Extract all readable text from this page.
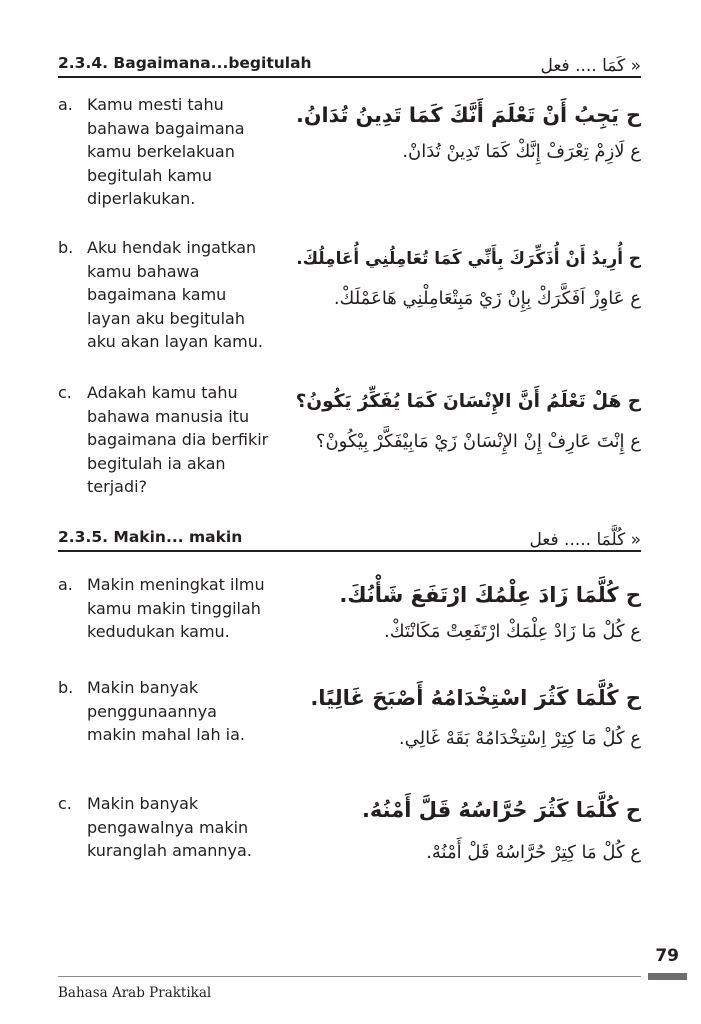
2.3.4. Bagaimana...begitulah	« كَمَا .... فعل
a. Kamu mesti tahu
bahawa bagaimana
kamu berkelakuan
begitulah kamu
diperlakukan.
ح يَجِبُ أَنْ تَعْلَمَ أَنَّكَ كَمَا تَدِينُ تُدَانُ.
ع لَازِمْ تِعْرَفْ إِنَّكْ كَمَا تَدِينْ تُدَانْ.
b. Aku hendak ingatkan
kamu bahawa
bagaimana kamu
layan aku begitulah
aku akan layan kamu.
ح أُرِيدُ أَنْ أُذَكِّرَكَ بِأَنِّي كَمَا تُعَامِلُنِي أُعَامِلُكَ.
ع عَاوِزْ اَفَكَّرَكْ بِإِنْ زَيْ مَبِتْعَامِلْنِي هَاعَمْلَكْ.
c. Adakah kamu tahu
bahawa manusia itu
bagaimana dia berfikir
begitulah ia akan
terjadi?
ح هَلْ تَعْلَمُ أَنَّ الإِنْسَانَ كَمَا يُفَكِّرُ يَكُونُ؟
ع إِنْتَ عَارِفْ إِنْ الإِنْسَانْ زَيْ مَابِيْفَكَّرْ بِيْكُونْ؟
2.3.5. Makin... makin	« كُلَّمَا ..... فعل
a. Makin meningkat ilmu
kamu makin tinggilah
kedudukan kamu.
ح كُلَّمَا زَادَ عِلْمُكَ ارْتَفَعَ شَأْنُكَ.
ع كُلْ مَا زَادْ عِلْمَكْ ارْتَفَعِتْ مَكَانْتَكْ.
b. Makin banyak
penggunaannya
makin mahal lah ia.
ح كُلَّمَا كَثُرَ اسْتِخْدَامُهُ أَصْبَحَ غَالِيًا.
ع كُلْ مَا كِتِرْ اِسْتِخْدَامُهْ بَقَهْ غَالِي.
c. Makin banyak
pengawalnya makin
kuranglah amannya.
ح كُلَّمَا كَثُرَ حُرَّاسُهُ قَلَّ أَمْنُهُ.
ع كُلْ مَا كِتِرْ حُرَّاسُهْ قَلْ أَمْنُهْ.
79
Bahasa Arab Praktikal
